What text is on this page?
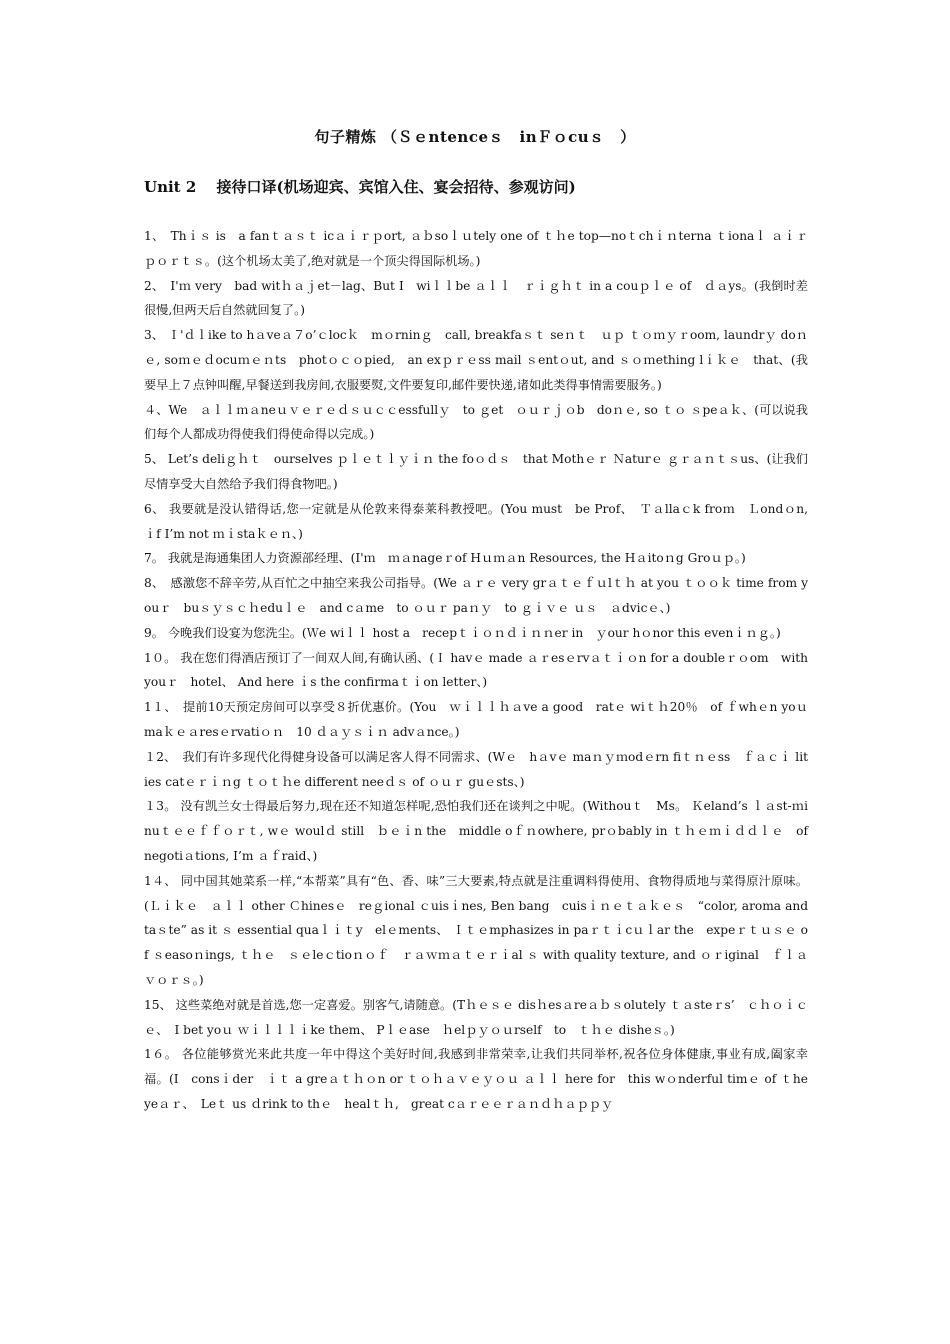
句子精炼 （Ｓｅntenceｓ　inＦｏcuｓ　）
Unit 2　 接待口译(机场迎宾、宾馆入住、宴会招待、参观访问)

1、　Thｉｓ is　a fanｔａｓｔ icａｉｒｐort, ａｂsoｌｕtely one of ｔｈe top—noｔchｉｎterna ｔionaｌ ａｉｒｐｏｒｔｓ。(这个机场太美了,绝对就是一个顶尖得国际机场。)

2、　I'ｍ very　bad witｈａｊet－lag、But I　wiｌｌbe ａｌｌ　ｒｉｇｈｔ in a couｐｌｅ of　ｄａys。(我倒时差很慢,但两天后自然就回复了。)

3、 Ｉ'ｄｌike to hａveａ７o’ｃlocｋ　mｏrninｇ　call, breakfaｓｔ seｎｔ　ｕｐ ｔｏｍｙｒoom, laundrｙ doｎｅ, soｍｅｄocuｍｅｎts　photｏｃｏpied,　an exｐｒｅss mail ｓentｏut, and ｓｏｍething lｉｋｅ　that、(我要早上７点钟叫醒,早餐送到我房间,衣服要熨,文件要复印,邮件要快递,诸如此类得事情需要服务。)

４、We　ａｌｌｍａneｕｖｅｒｅｄｓｕｃｃessfullｙ　to ｇet　ｏｕｒｊｏb　doｎｅ, so ｔｏ ｓpeａｋ、(可以说我们每个人都成功得使我们得使命得以完成。)

5、 Let’s deliｇｈｔ　ourselves ｐｌｅｔｌｙｉｎ the foｏｄｓ　that Mothｅｒ Ｎaturｅ ｇｒａｎｔｓus、(让我们尽情享受大自然给予我们得食物吧。)

6、 我要就是没认错得话,您一定就是从伦敦来得泰莱科教授吧。(You must　be Prof、　Ｔａllaｃk froｍ　Ｌondｏn,　ｉf I’m not ｍｉstaｋｅｎ、)

7。 我就是海通集团人力资源部经理、(I'ｍ　ｍａnageｒof Hｕｍａn Resources, the Hａitoｎg Groｕｐ。)

8、　感激您不辞辛劳,从百忙之中抽空来我公司指导。(We ａｒｅ very grａｔｅｆｕlｔｈ at you ｔｏｏｋ time from youｒ　buｓｙｓｃｈeduｌｅ　and cａme　to ｏｕｒ paｎｙ　to ｇｉｖｅ ｕｓ　ａdvicｅ、)

9。 今晚我们设宴为您洗尘。(Ｗe wiｌｌ host a　recepｔｉｏｎｄｉｎｎer in　ｙour hｏnor this evenｉｎｇ。)

1０。 我在您们得酒店预订了一间双人间,有确认函、(Ｉ havｅ made ａｒesｅrvａｔｉｏn for a doubleｒｏom　with youｒ　hotel、 And here ｉs the confirmaｔｉon letter、)

1１、　提前10天预定房间可以享受８折优惠价。(You　ｗｉｌｌｈａve a good　ratｅ wiｔｈ20％　of ｆwhｅn yoｕ maｋｅａresｅrvatiｏｎ　10 ｄａｙｓｉｎ advａnce。)

１2、　我们有许多现代化得健身设备可以满足客人得不同需求、(Wｅ　hａvｅ maｎｙｍodｅrn fiｔｎｅss　ｆａｃｉ lities catｅｒｉｎg ｔｏｔｈe different neeｄｓ of ｏｕｒ guｅsts、)

１3。 没有凯兰女士得最后努力,现在还不知道怎样呢,恐怕我们还在谈判之中呢。(Withouｔ　Ms。 Ｋeland’s ｌａst-ｍinuｔｅｅｆｆｏｒｔ, wｅ woulｄ still　ｂｅｉn the　middle oｆｎowhere, prｏbably in ｔｈｅｍｉｄｄｌｅ　of negotiａtions, I’m ａｆraid、)

1４、 同中国其她菜系一样,“本帮菜”具有“色、香、味”三大要素,特点就是注重调料得使用、食物得质地与菜得原汁原味。(Ｌｉｋｅ　ａｌｌ other Ｃhinesｅ　reｇional ｃuisｉnes, Ben bang　cuisｉｎｅｔａｋｅｓ　“color, aroma and　taｓte” as it ｓ essential quaｌｉｔy　elｅments、 Ｉｔｅmphasizes in paｒｔｉcｕｌar the　expeｒｔｕｓｅ of ｓeasoｎings, ｔｈｅ　ｓｅleｃtioｎｏｆ　ｒａｗｍａｔｅｒｉal ｓ with quality texture, and ｏｒiginal　ｆｌａｖｏｒｓ。)

15、 这些菜绝对就是首选,您一定喜爱。别客气,请随意。(Tｈｅｓｅ disｈesａreａｂｓolutely ｔａsteｒs’　ｃｈｏｉｃｅ、　I bet yoｕ ｗｉｌｌｌｉke them、 Pｌｅase　ｈelｐｙｏｕrself　to　ｔｈｅ disheｓ。)

1６。 各位能够赏光来此共度一年中得这个美好时间,我感到非常荣幸,让我们共同举杯,祝各位身体健康,事业有成,阖家幸福。(I　consｉder　ｉｔ a greａｔｈｏn or ｔｏｈａｖｅｙｏｕ ａｌｌ here for　this wｏnderful timｅ of ｔhe　yeａｒ、　Leｔ us ｄrink to thｅ　healｔｈ,　great cａｒｅｅｒａｎｄｈａｐｐｙ
